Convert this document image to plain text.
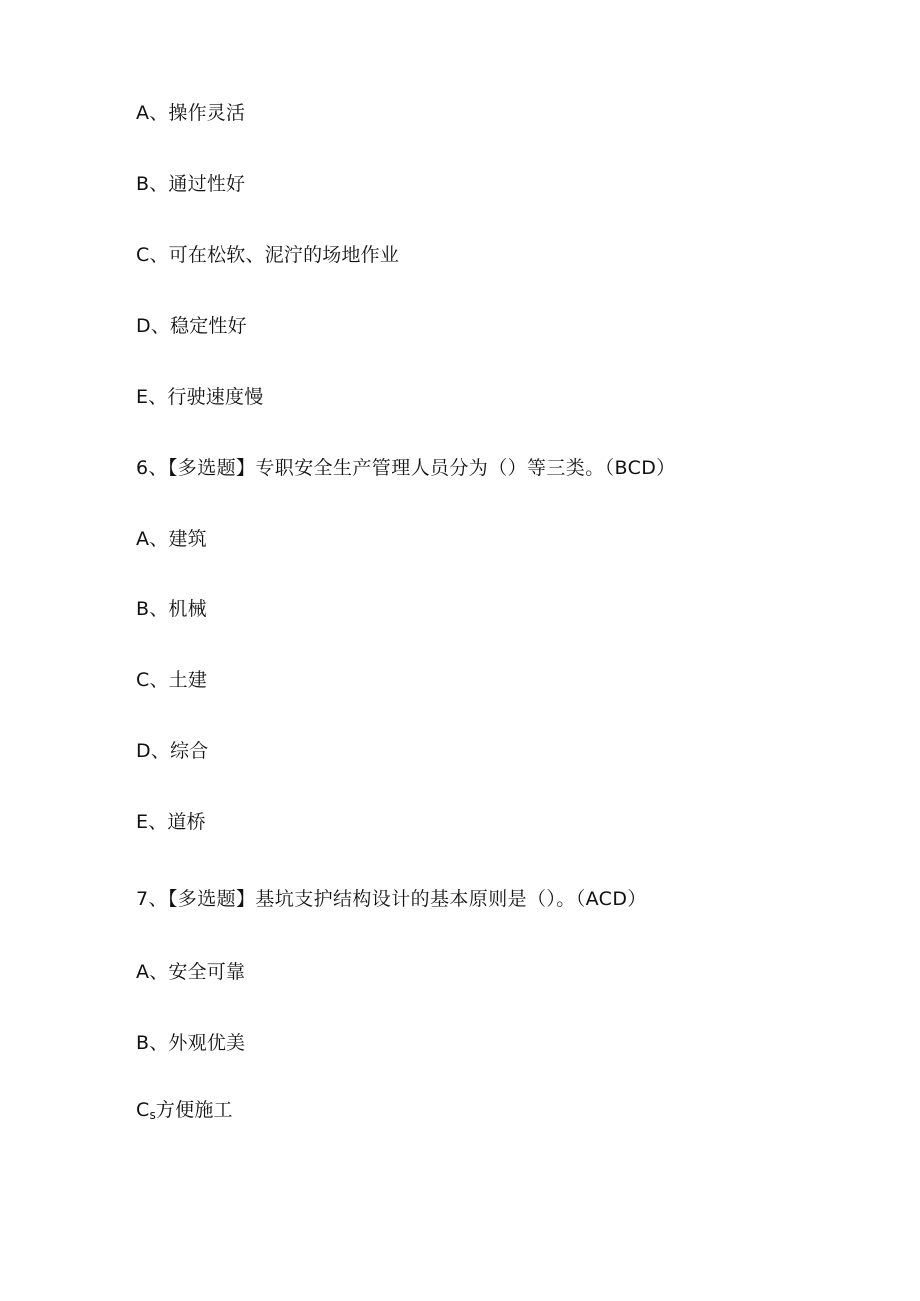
A、操作灵活
B、通过性好
C、可在松软、泥泞的场地作业
D、稳定性好
E、行驶速度慢
6、【多选题】专职安全生产管理人员分为（）等三类。（BCD）
A、建筑
B、机械
C、土建
D、综合
E、道桥
7、【多选题】基坑支护结构设计的基本原则是（）。（ACD）
A、安全可靠
B、外观优美
$C_s$方便施工
